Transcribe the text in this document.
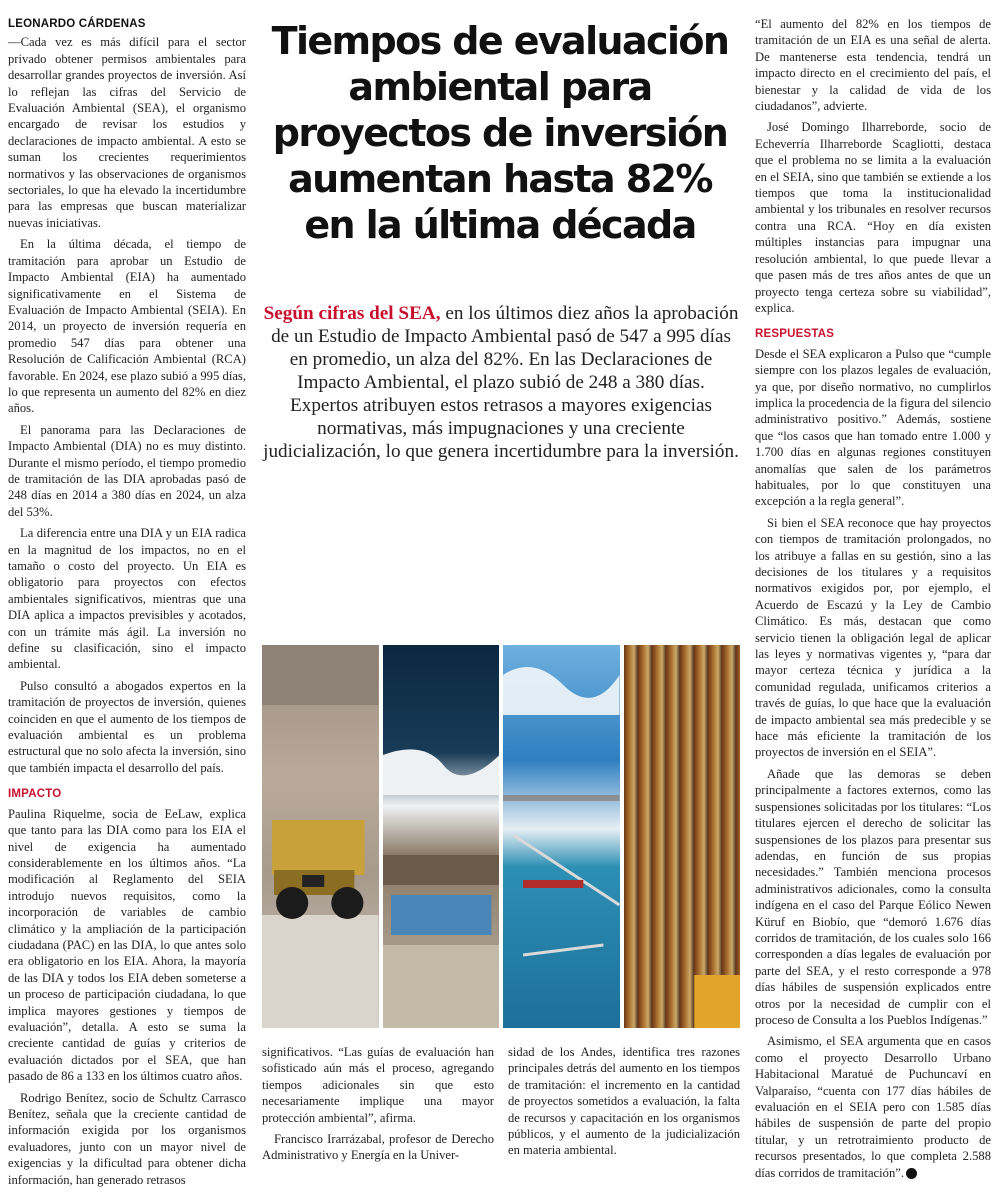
LEONARDO CÁRDENAS

—Cada vez es más difícil para el sector privado obtener permisos ambientales para desarrollar grandes proyectos de inversión. Así lo reflejan las cifras del Servicio de Evaluación Ambiental (SEA), el organismo encargado de revisar los estudios y declaraciones de impacto ambiental. A esto se suman los crecientes requerimientos normativos y las observaciones de organismos sectoriales, lo que ha elevado la incertidumbre para las empresas que buscan materializar nuevas iniciativas.

En la última década, el tiempo de tramitación para aprobar un Estudio de Impacto Ambiental (EIA) ha aumentado significativamente en el Sistema de Evaluación de Impacto Ambiental (SEIA). En 2014, un proyecto de inversión requería en promedio 547 días para obtener una Resolución de Calificación Ambiental (RCA) favorable. En 2024, ese plazo subió a 995 días, lo que representa un aumento del 82% en diez años.

El panorama para las Declaraciones de Impacto Ambiental (DIA) no es muy distinto. Durante el mismo período, el tiempo promedio de tramitación de las DIA aprobadas pasó de 248 días en 2014 a 380 días en 2024, un alza del 53%.

La diferencia entre una DIA y un EIA radica en la magnitud de los impactos, no en el tamaño o costo del proyecto. Un EIA es obligatorio para proyectos con efectos ambientales significativos, mientras que una DIA aplica a impactos previsibles y acotados, con un trámite más ágil. La inversión no define su clasificación, sino el impacto ambiental.

Pulso consultó a abogados expertos en la tramitación de proyectos de inversión, quienes coinciden en que el aumento de los tiempos de evaluación ambiental es un problema estructural que no solo afecta la inversión, sino que también impacta el desarrollo del país.

IMPACTO

Paulina Riquelme, socia de EeLaw, explica que tanto para las DIA como para los EIA el nivel de exigencia ha aumentado considerablemente en los últimos años. “La modificación al Reglamento del SEIA introdujo nuevos requisitos, como la incorporación de variables de cambio climático y la ampliación de la participación ciudadana (PAC) en las DIA, lo que antes solo era obligatorio en los EIA. Ahora, la mayoría de las DIA y todos los EIA deben someterse a un proceso de participación ciudadana, lo que implica mayores gestiones y tiempos de evaluación”, detalla. A esto se suma la creciente cantidad de guías y criterios de evaluación dictados por el SEA, que han pasado de 86 a 133 en los últimos cuatro años.

Rodrigo Benítez, socio de Schultz Carrasco Benítez, señala que la creciente cantidad de información exigida por los organismos evaluadores, junto con un mayor nivel de exigencias y la dificultad para obtener dicha información, han generado retrasos

Tiempos de evaluación
ambiental para
proyectos de inversión
aumentan hasta 82%
en la última década
Según cifras del SEA, en los últimos diez años la aprobación de un Estudio de Impacto Ambiental pasó de 547 a 995 días en promedio, un alza del 82%. En las Declaraciones de Impacto Ambiental, el plazo subió de 248 a 380 días. Expertos atribuyen estos retrasos a mayores exigencias normativas, más impugnaciones y una creciente judicialización, lo que genera incertidumbre para la inversión.

significativos. “Las guías de evaluación han sofisticado aún más el proceso, agregando tiempos adicionales sin que esto necesariamente implique una mayor protección ambiental”, afirma.

Francisco Irarrázabal, profesor de Derecho Administrativo y Energía en la Univer-

sidad de los Andes, identifica tres razones principales detrás del aumento en los tiempos de tramitación: el incremento en la cantidad de proyectos sometidos a evaluación, la falta de recursos y capacitación en los organismos públicos, y el aumento de la judicialización en materia ambiental.

“El aumento del 82% en los tiempos de tramitación de un EIA es una señal de alerta. De mantenerse esta tendencia, tendrá un impacto directo en el crecimiento del país, el bienestar y la calidad de vida de los ciudadanos”, advierte.

José Domingo Ilharreborde, socio de Echeverría Ilharreborde Scagliotti, destaca que el problema no se limita a la evaluación en el SEIA, sino que también se extiende a los tiempos que toma la institucionalidad ambiental y los tribunales en resolver recursos contra una RCA. “Hoy en día existen múltiples instancias para impugnar una resolución ambiental, lo que puede llevar a que pasen más de tres años antes de que un proyecto tenga certeza sobre su viabilidad”, explica.

RESPUESTAS

Desde el SEA explicaron a Pulso que “cumple siempre con los plazos legales de evaluación, ya que, por diseño normativo, no cumplirlos implica la procedencia de la figura del silencio administrativo positivo.” Además, sostiene que “los casos que han tomado entre 1.000 y 1.700 días en algunas regiones constituyen anomalías que salen de los parámetros habituales, por lo que constituyen una excepción a la regla general”.

Si bien el SEA reconoce que hay proyectos con tiempos de tramitación prolongados, no los atribuye a fallas en su gestión, sino a las decisiones de los titulares y a requisitos normativos exigidos por, por ejemplo, el Acuerdo de Escazú y la Ley de Cambio Climático. Es más, destacan que como servicio tienen la obligación legal de aplicar las leyes y normativas vigentes y, “para dar mayor certeza técnica y jurídica a la comunidad regulada, unificamos criterios a través de guías, lo que hace que la evaluación de impacto ambiental sea más predecible y se hace más eficiente la tramitación de los proyectos de inversión en el SEIA”.

Añade que las demoras se deben principalmente a factores externos, como las suspensiones solicitadas por los titulares: “Los titulares ejercen el derecho de solicitar las suspensiones de los plazos para presentar sus adendas, en función de sus propias necesidades.” También menciona procesos administrativos adicionales, como la consulta indígena en el caso del Parque Eólico Newen Küruf en Biobío, que “demoró 1.676 días corridos de tramitación, de los cuales solo 166 corresponden a días legales de evaluación por parte del SEA, y el resto corresponde a 978 días hábiles de suspensión explicados entre otros por la necesidad de cumplir con el proceso de Consulta a los Pueblos Indígenas.”

Asimismo, el SEA argumenta que en casos como el proyecto Desarrollo Urbano Habitacional Maratué de Puchuncaví en Valparaíso, “cuenta con 177 días hábiles de evaluación en el SEIA pero con 1.585 días hábiles de suspensión de parte del propio titular, y un retrotraimiento producto de recursos presentados, lo que completa 2.588 días corridos de tramitación”. P
